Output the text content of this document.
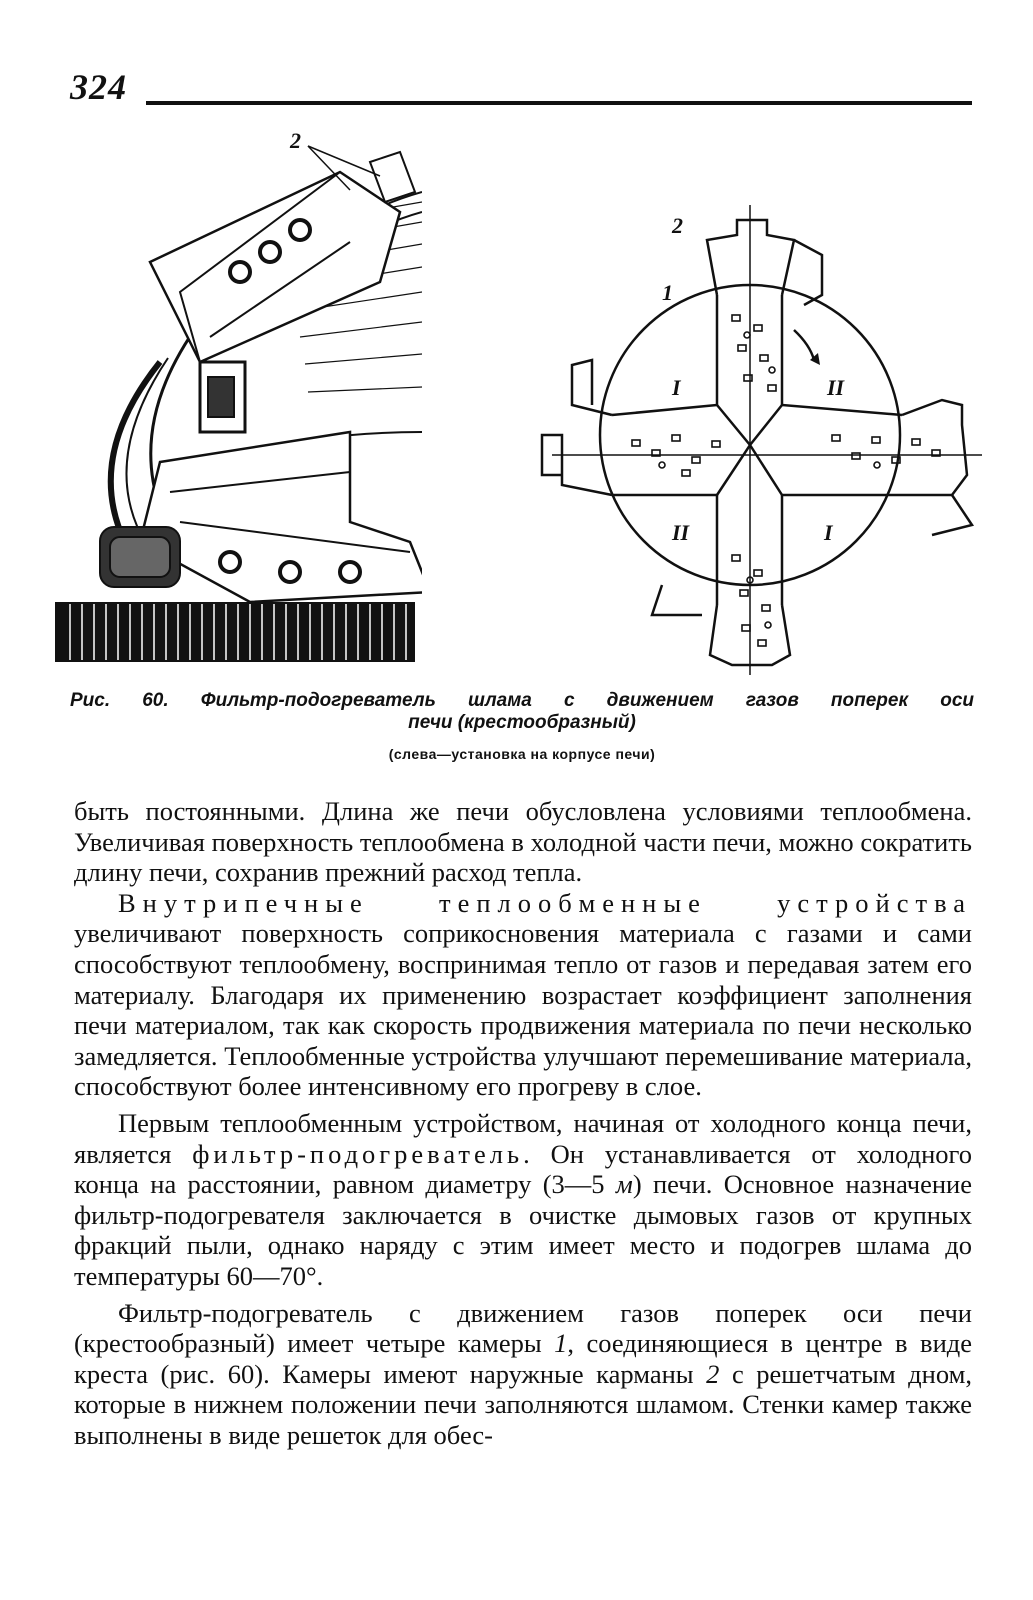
324
2
2
1
I	II
II	I
Рис. 60. Фильтр-подогреватель шлама с движением газов поперек оси
печи (крестообразный)
(слева—установка на корпусе печи)

быть постоянными. Длина же печи обусловлена условиями теплообмена. Увеличивая поверхность теплообмена в холодной части печи, можно сократить длину печи, сохранив прежний расход тепла.

Внутрипечные теплообменные устройства увеличивают поверхность соприкосновения материала с газами и сами способствуют теплообмену, воспринимая тепло от газов и передавая затем его материалу. Благодаря их применению возрастает коэффициент заполнения печи материалом, так как скорость продвижения материала по печи несколько замедляется. Теплообменные устройства улучшают перемешивание материала, способствуют более интенсивному его прогреву в слое.

Первым теплообменным устройством, начиная от холодного конца печи, является фильтр-подогреватель. Он устанавливается от холодного конца на расстоянии, равном диаметру (3—5 м) печи. Основное назначение фильтр-подогревателя заключается в очистке дымовых газов от крупных фракций пыли, однако наряду с этим имеет место и подогрев шлама до температуры 60—70°.

Фильтр-подогреватель с движением газов поперек оси печи (крестообразный) имеет четыре камеры 1, соединяющиеся в центре в виде креста (рис. 60). Камеры имеют наружные карманы 2 с решетчатым дном, которые в нижнем положении печи заполняются шламом. Стенки камер также выполнены в виде решеток для обес-
